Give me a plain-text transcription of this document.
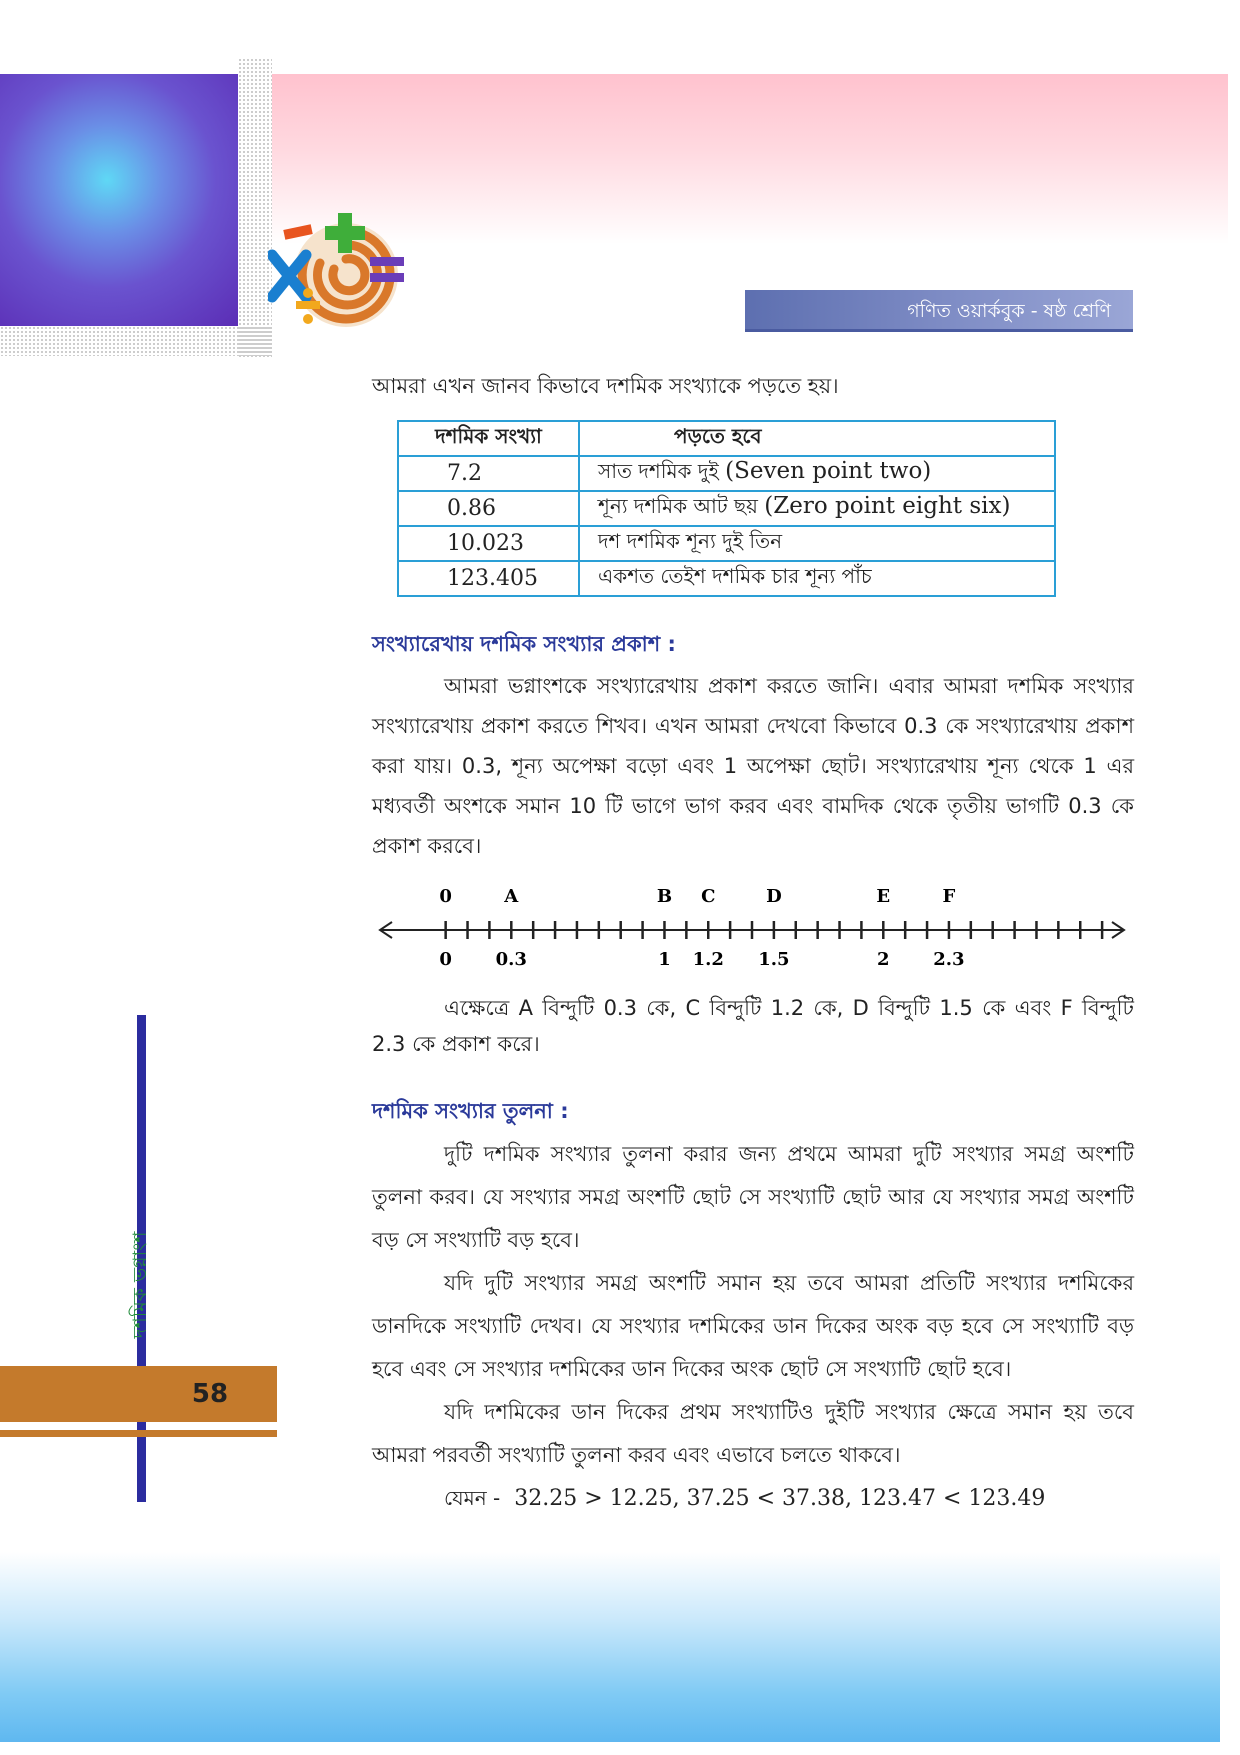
গণিত ওয়ার্কবুক - ষষ্ঠ শ্রেণি
আমরা এখন জানব কিভাবে দশমিক সংখ্যাকে পড়তে হয়।
দশমিক সংখ্যা	পড়তে হবে
7.2	সাত দশমিক দুই (Seven point two)
0.86	শূন্য দশমিক আট ছয় (Zero point eight six)
10.023	দশ দশমিক শূন্য দুই তিন
123.405	একশত তেইশ দশমিক চার শূন্য পাঁচ
সংখ্যারেখায় দশমিক সংখ্যার প্রকাশ :
আমরা ভগ্নাংশকে সংখ্যারেখায় প্রকাশ করতে জানি। এবার আমরা দশমিক সংখ্যার সংখ্যারেখায় প্রকাশ করতে শিখব। এখন আমরা দেখবো কিভাবে 0.3 কে সংখ্যারেখায় প্রকাশ করা যায়। 0.3, শূন্য অপেক্ষা বড়ো এবং 1 অপেক্ষা ছোট। সংখ্যারেখায় শূন্য থেকে 1 এর মধ্যবর্তী অংশকে সমান 10 টি ভাগে ভাগ করব এবং বামদিক থেকে তৃতীয় ভাগটি 0.3 কে প্রকাশ করবে।
0
0
A
0.3
B
1
C
1.2
D
1.5
E
2
F
2.3
এক্ষেত্রে A বিন্দুটি 0.3 কে, C বিন্দুটি 1.2 কে, D বিন্দুটি 1.5 কে এবং F বিন্দুটি 2.3 কে প্রকাশ করে।
দশমিক সংখ্যার তুলনা :
দুটি দশমিক সংখ্যার তুলনা করার জন্য প্রথমে আমরা দুটি সংখ্যার সমগ্র অংশটি তুলনা করব। যে সংখ্যার সমগ্র অংশটি ছোট সে সংখ্যাটি ছোট আর যে সংখ্যার সমগ্র অংশটি বড় সে সংখ্যাটি বড় হবে।
যদি দুটি সংখ্যার সমগ্র অংশটি সমান হয় তবে আমরা প্রতিটি সংখ্যার দশমিকের ডানদিকে সংখ্যাটি দেখব। যে সংখ্যার দশমিকের ডান দিকের অংক বড় হবে সে সংখ্যাটি বড় হবে এবং সে সংখ্যার দশমিকের ডান দিকের অংক ছোট সে সংখ্যাটি ছোট হবে।
যদি দশমিকের ডান দিকের প্রথম সংখ্যাটিও দুইটি সংখ্যার ক্ষেত্রে সমান হয় তবে আমরা পরবর্তী সংখ্যাটি তুলনা করব এবং এভাবে চলতে থাকবে।
যেমন - 32.25 > 12.25, 37.25 < 37.38, 123.47 < 123.49
দশমিক ভগ্নাংশ
58
